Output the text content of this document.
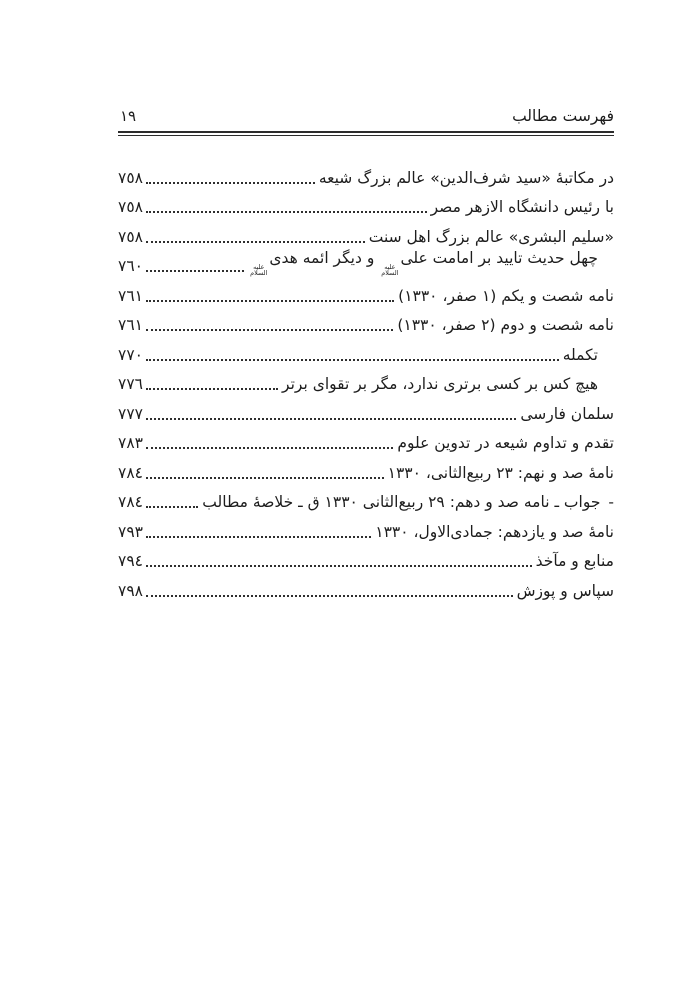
فهرست مطالب
١٩
در مکاتبهٔ «سید شرف‌الدین» عالم بزرگ شیعه
٧٥٨
با رئیس دانشگاه الازهر مصر
٧٥٨
«سلیم البشری» عالم بزرگ اهل سنت
٧٥٨
چهل حدیث تایید بر امامت علی
عليه
السلام
و دیگر ائمه هدی
عليه
السلام
٧٦٠
نامه شصت و یکم (١ صفر، ١٣٣٠)
٧٦١
نامه شصت و دوم (٢ صفر، ١٣٣٠)
٧٦١
تکمله
٧٧٠
هیچ کس بر کسی برتری ندارد، مگر بر تقوای برتر
٧٧٦
سلمان فارسی
٧٧٧
تقدم و تداوم شیعه در تدوین علوم
٧٨٣
نامهٔ صد و نهم: ٢٣ ربیع‌الثانی، ١٣٣٠
٧٨٤
-
جواب ـ نامه صد و دهم: ٢٩ ربیع‌الثانی ١٣٣٠ ق ـ خلاصهٔ مطالب
٧٨٤
نامهٔ صد و یازدهم: جمادی‌الاول، ١٣٣٠
٧٩٣
منابع و مآخذ
٧٩٤
سپاس و پوزش
٧٩٨
